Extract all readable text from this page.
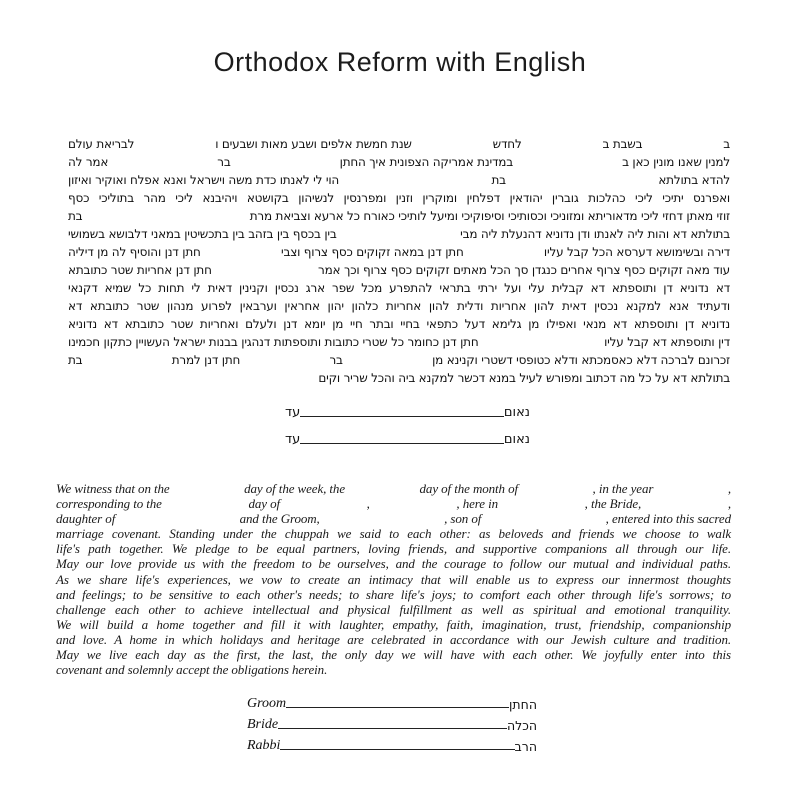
Orthodox Reform with English
ב
בשבת ב
לחדש
שנת חמשת אלפים ושבע מאות ושבעים ו
לבריאת עולם
למנין שאנו מונין כאן ב
במדינת אמריקה הצפונית איך החתן
בר
אמר לה
להדא בתולתא
בת
הוי לי לאנתו כדת משה וישראל ואנא אפלח ואוקיר ואיזון
ואפרנס יתיכי ליכי כהלכות גוברין יהודאין דפלחין ומוקרין וזנין ומפרנסין לנשיהון בקושטא ויהיבנא ליכי מהר בתוליכי כסף
זוזי מאתן דחזי ליכי מדאוריתא ומזוניכי וכסותיכי וסיפוקיכי ומיעל לותיכי כאורח כל ארעא וצביאת מרת
בת
בתולתא דא והות ליה לאנתו ודן נדוניא דהנעלת ליה מבי
בין בכסף בין בזהב בין בתכשיטין במאני דלבושא בשמושי
דירה ובשימושא דערסא הכל קבל עליו
חתן דנן במאה זקוקים כסף צרוף וצבי
חתן דנן והוסיף לה מן דיליה
עוד מאה זקוקים כסף צרוף אחרים כנגדן סך הכל מאתים זקוקים כסף צרוף וכך אמר
חתן דנן אחריות שטר כתובתא
דא נדוניא דן ותוספתא דא קבלית עלי ועל ירתי בתראי להתפרע מכל שפר ארג נכסין וקנינין דאית לי תחות כל שמיא דקנאי
ודעתיד אנא למקנא נכסין דאית להון אחריות ודלית להון אחריות כלהון יהון אחראין וערבאין לפרוע מנהון שטר כתובתא דא
נדוניא דן ותוספתא דא מנאי ואפילו מן גלימא דעל כתפאי בחיי ובתר חיי מן יומא דנן ולעלם ואחריות שטר כתובתא דא נדוניא
דין ותוספתא דא קבל עליו
חתן דנן כחומר כל שטרי כתובות ותוספתות דנהגין בבנות ישראל העשויין כתקון חכמינו
זכרונם לברכה דלא כאסמכתא ודלא כטופסי דשטרי וקנינא מן
בר
חתן דנן למרת
בת
בתולתא דא על כל מה דכתוב ומפורש לעיל במנא דכשר למקנא ביה והכל שריר וקים
נאום
עד
נאום
עד
We witness that on the	day of the week, the	day of the month of	, in the year	,
corresponding to the	day of	,	, here in	, the Bride,	,
daughter of	and the Groom,	, son of	, entered into this sacred
marriage covenant. Standing under the chuppah we said to each other: as beloveds and friends we choose to walk
life's path together. We pledge to be equal partners, loving friends, and supportive companions all through our life.
May our love provide us with the freedom to be ourselves, and the courage to follow our mutual and individual paths.
As we share life's experiences, we vow to create an intimacy that will enable us to express our innermost thoughts
and feelings; to be sensitive to each other's needs; to share life's joys; to comfort each other through life's sorrows; to
challenge each other to achieve intellectual and physical fulfillment as well as spiritual and emotional tranquility.
We will build a home together and fill it with laughter, empathy, faith, imagination, trust, friendship, companionship
and love. A home in which holidays and heritage are celebrated in accordance with our Jewish culture and tradition.
May we live each day as the first, the last, the only day we will have with each other. We joyfully enter into this
covenant and solemnly accept the obligations herein.
Groom	החתן
Bride	הכלה
Rabbi	הרב
